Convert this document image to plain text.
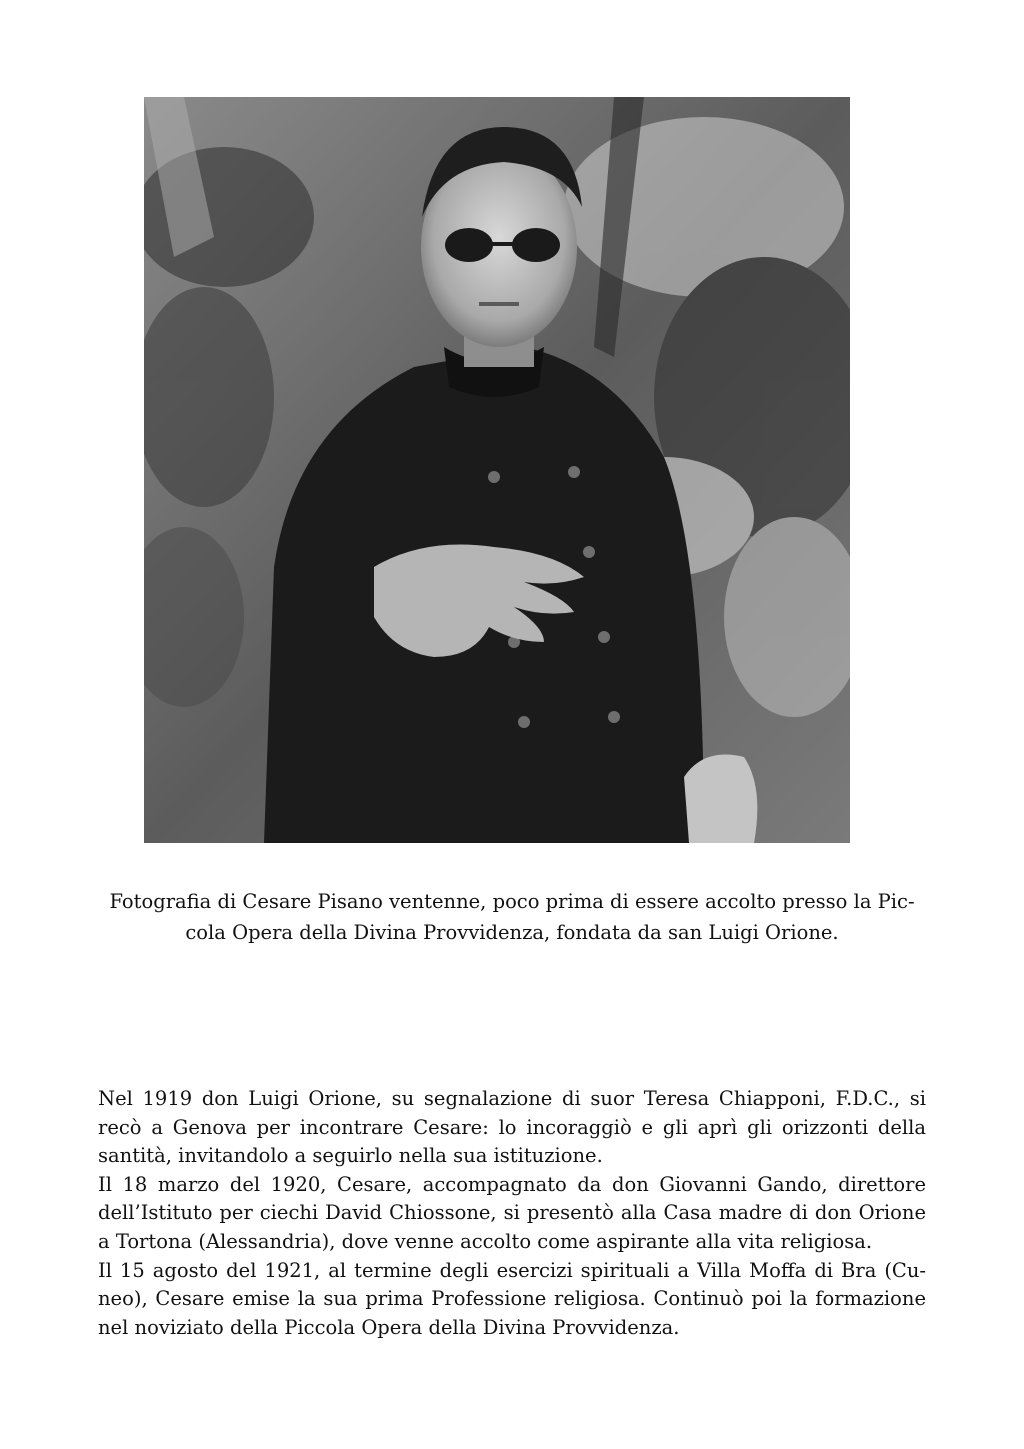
Fotografia di Cesare Pisano ventenne, poco prima di essere accolto presso la Pic-
cola Opera della Divina Provvidenza, fondata da san Luigi Orione.

Nel 1919 don Luigi Orione, su segnalazione di suor Teresa Chiapponi, F.D.C., si
recò a Genova per incontrare Cesare: lo incoraggiò e gli aprì gli orizzonti della
santità, invitandolo a seguirlo nella sua istituzione.

Il 18 marzo del 1920, Cesare, accompagnato da don Giovanni Gando, direttore
dell’Istituto per ciechi David Chiossone, si presentò alla Casa madre di don Orione
a Tortona (Alessandria), dove venne accolto come aspirante alla vita religiosa.

Il 15 agosto del 1921, al termine degli esercizi spirituali a Villa Moffa di Bra (Cu-
neo), Cesare emise la sua prima Professione religiosa. Continuò poi la formazione
nel noviziato della Piccola Opera della Divina Provvidenza.
